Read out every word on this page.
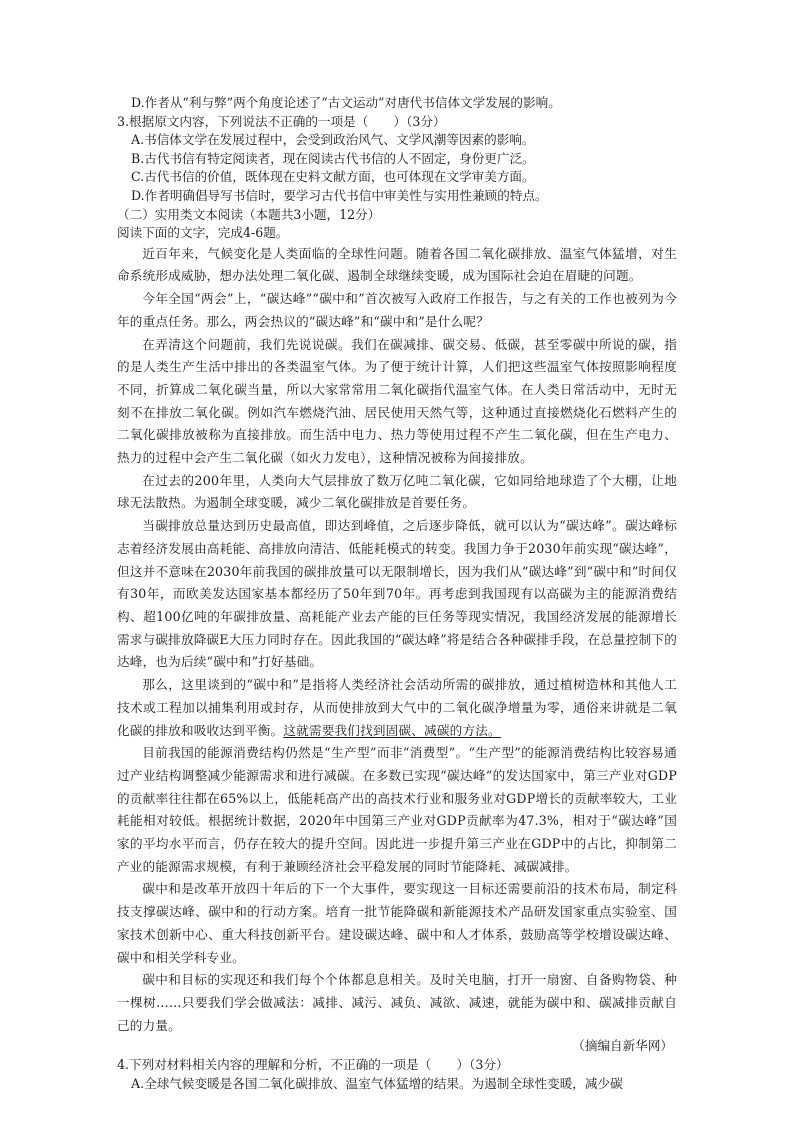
D.作者从“利与弊”两个角度论述了“古文运动”对唐代书信体文学发展的影响。

3.根据原文内容，下列说法不正确的一项是（　　）（3分）

A.书信体文学在发展过程中，会受到政治风气、文学风潮等因素的影响。

B.古代书信有特定阅读者，现在阅读古代书信的人不固定，身份更广泛。

C.古代书信的价值，既体现在史料文献方面，也可体现在文学审美方面。

D.作者明确倡导写书信时，要学习古代书信中审美性与实用性兼顾的特点。

（二）实用类文本阅读（本题共3小题，12分）

阅读下面的文字，完成4-6题。

近百年来，气候变化是人类面临的全球性问题。随着各国二氧化碳排放、温室气体猛增，对生命系统形成威胁，想办法处理二氧化碳、遏制全球继续变暖，成为国际社会迫在眉睫的问题。

今年全国“两会”上，“碳达峰”“碳中和”首次被写入政府工作报告，与之有关的工作也被列为今年的重点任务。那么，两会热议的“碳达峰”和“碳中和”是什么呢？

在弄清这个问题前，我们先说说碳。我们在碳减排、碳交易、低碳，甚至零碳中所说的碳，指的是人类生产生活中排出的各类温室气体。为了便于统计计算，人们把这些温室气体按照影响程度不同，折算成二氧化碳当量，所以大家常常用二氧化碳指代温室气体。在人类日常活动中，无时无刻不在排放二氧化碳。例如汽车燃烧汽油、居民使用天然气等，这种通过直接燃烧化石燃料产生的二氧化碳排放被称为直接排放。而生活中电力、热力等使用过程不产生二氧化碳，但在生产电力、热力的过程中会产生二氧化碳（如火力发电），这种情况被称为间接排放。

在过去的200年里，人类向大气层排放了数万亿吨二氧化碳，它如同给地球造了个大棚，让地球无法散热。为遏制全球变暖，减少二氧化碳排放是首要任务。

当碳排放总量达到历史最高值，即达到峰值，之后逐步降低，就可以认为“碳达峰”。碳达峰标志着经济发展由高耗能、高排放向清洁、低能耗模式的转变。我国力争于2030年前实现“碳达峰”，但这并不意味在2030年前我国的碳排放量可以无限制增长，因为我们从“碳达峰”到“碳中和”时间仅有30年，而欧美发达国家基本都经历了50年到70年。再考虑到我国现有以高碳为主的能源消费结构、超100亿吨的年碳排放量、高耗能产业去产能的巨任务等现实情况，我国经济发展的能源增长需求与碳排放降碳E大压力同时存在。因此我国的“碳达峰”将是结合各种碳排手段，在总量控制下的达峰，也为后续“碳中和”打好基础。

那么，这里谈到的“碳中和”是指将人类经济社会活动所需的碳排放，通过植树造林和其他人工技术或工程加以捕集利用或封存，从而使排放到大气中的二氧化碳净增量为零，通俗来讲就是二氧化碳的排放和吸收达到平衡。这就需要我们找到固碳、减碳的方法。

目前我国的能源消费结构仍然是“生产型”而非“消费型”。“生产型”的能源消费结构比较容易通过产业结构调整减少能源需求和进行减碳。在多数已实现“碳达峰”的发达国家中，第三产业对GDP的贡献率往往都在65%以上，低能耗高产出的高技术行业和服务业对GDP增长的贡献率较大，工业耗能相对较低。根据统计数据，2020年中国第三产业对GDP贡献率为47.3%，相对于“碳达峰”国家的平均水平而言，仍存在较大的提升空间。因此进一步提升第三产业在GDP中的占比，抑制第二产业的能源需求规模，有利于兼顾经济社会平稳发展的同时节能降耗、减碳减排。

碳中和是改革开放四十年后的下一个大事件，要实现这一目标还需要前沿的技术布局，制定科技支撑碳达峰、碳中和的行动方案。培育一批节能降碳和新能源技术产品研发国家重点实验室、国家技术创新中心、重大科技创新平台。建设碳达峰、碳中和人才体系，鼓励高等学校增设碳达峰、碳中和相关学科专业。

碳中和目标的实现还和我们每个个体都息息相关。及时关电脑，打开一扇窗、自备购物袋、种一棵树……只要我们学会做减法：减排、减污、减负、减欲、减速，就能为碳中和、碳减排贡献自己的力量。

（摘编自新华网）

4.下列对材料相关内容的理解和分析，不正确的一项是（　　）（3分）

A.全球气候变暖是各国二氧化碳排放、温室气体猛增的结果。为遏制全球性变暖，减少碳
